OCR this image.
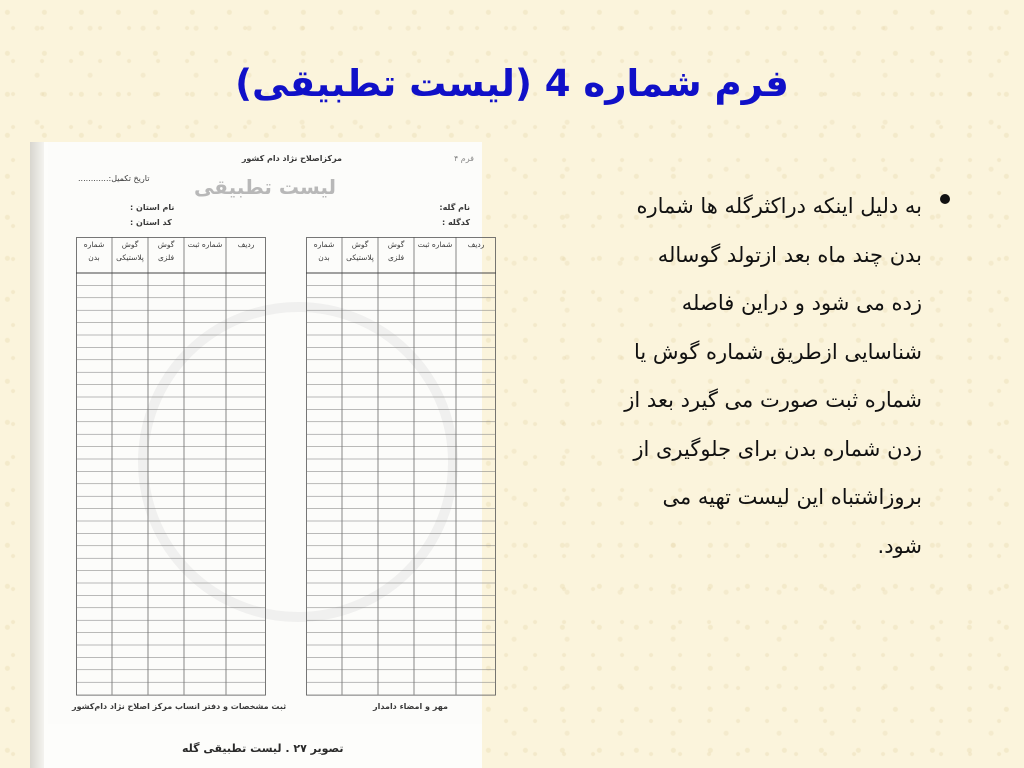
فرم شماره 4 (لیست تطبیقی)
فرم ۴
مرکزاصلاح نژاد دام کشور
تاریخ تکمیل:............	لیست تطبیقی
نام گله:
کدگله :
نام استان :
کد استان :
ردیف
شماره ثبت
گوش فلزی
گوش پلاستیکی
شماره بدن
ردیف
شماره ثبت
گوش فلزی
گوش پلاستیکی
شماره بدن
مهر و امضاء دامدار
ثبت مشخصات و دفتر انساب مرکز اصلاح نژاد دام‌کشور
تصویر ۲۷ . لیست تطبیقی گله
به دلیل اینکه دراکثرگله ها شماره
بدن چند ماه بعد ازتولد گوساله
زده می شود و دراین فاصله
شناسایی ازطریق شماره گوش یا
شماره ثبت صورت می گیرد بعد از
زدن شماره بدن برای جلوگیری از
بروزاشتباه این لیست تهیه می
شود.
